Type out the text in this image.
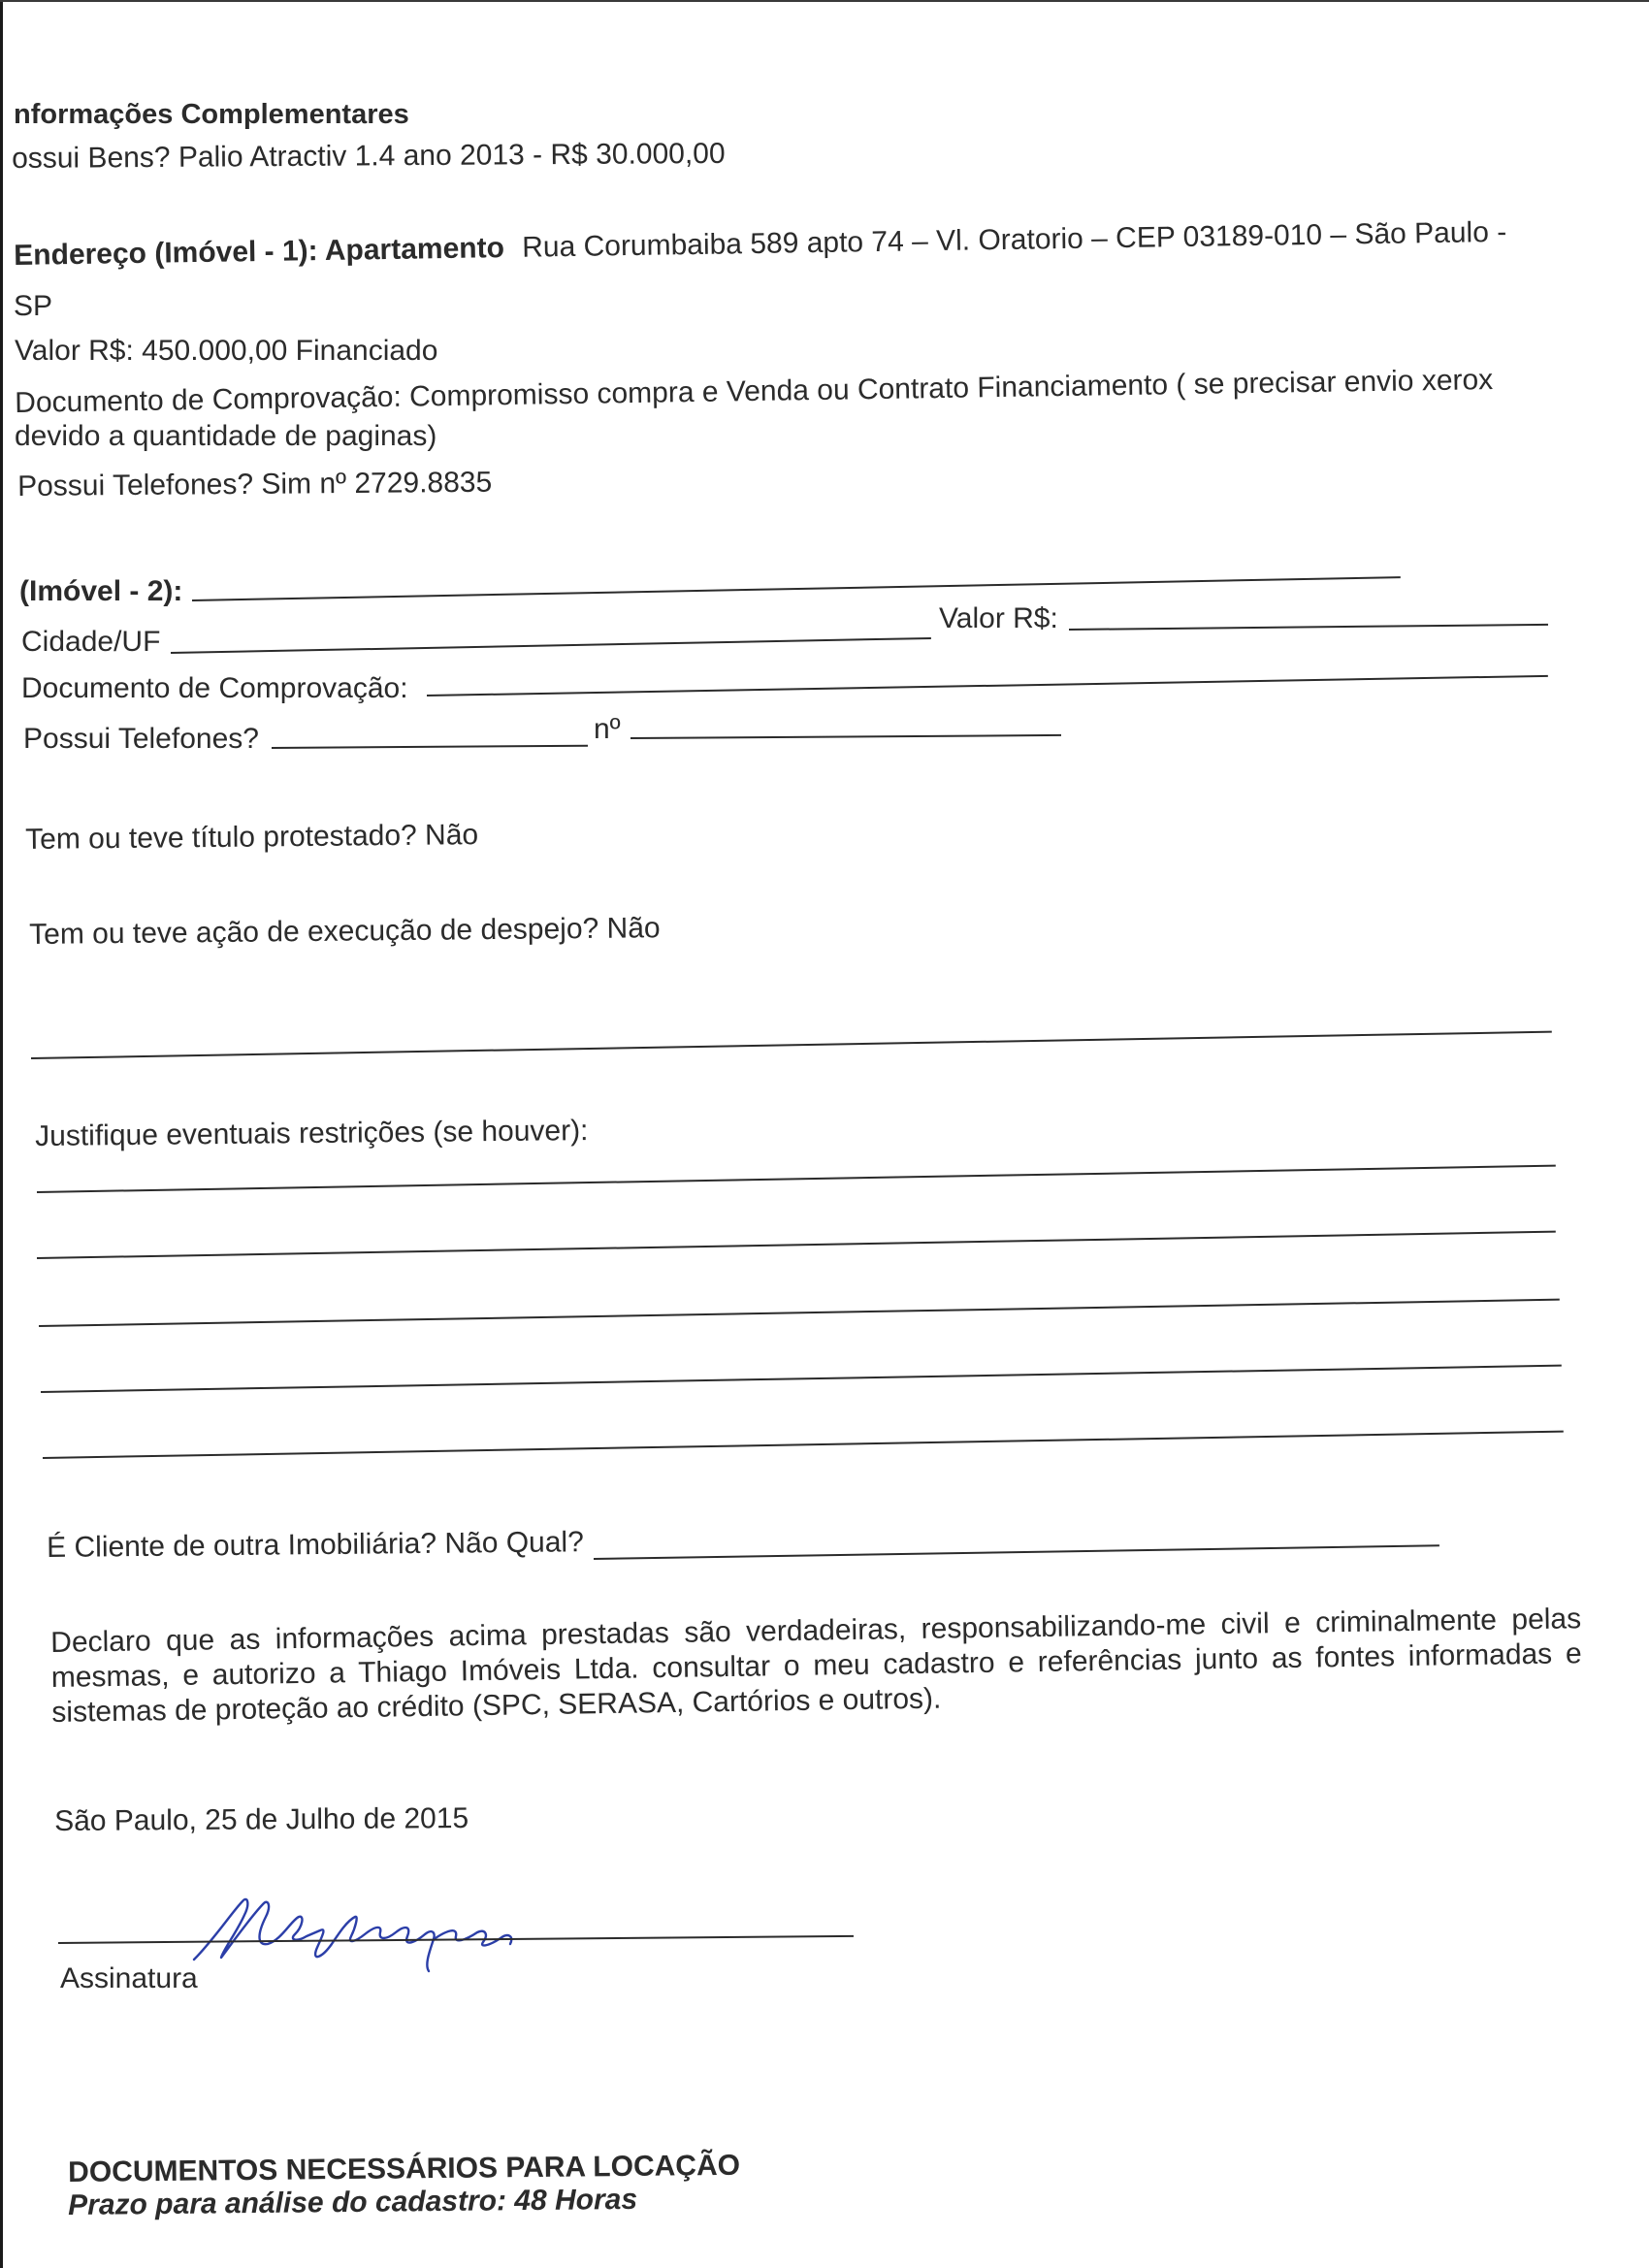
nformações Complementares
ossui Bens? Palio Atractiv 1.4 ano 2013 - R$ 30.000,00
Endereço (Imóvel - 1): Apartamento Rua Corumbaiba 589 apto 74 – Vl. Oratorio – CEP 03189-010 – São Paulo -
SP
Valor R$: 450.000,00 Financiado
Documento de Comprovação: Compromisso compra e Venda ou Contrato Financiamento ( se precisar envio xerox
devido a quantidade de paginas)
Possui Telefones? Sim nº 2729.8835
(Imóvel - 2):
Cidade/UF
Valor R$:
Documento de Comprovação:
Possui Telefones?	nº
Tem ou teve título protestado? Não
Tem ou teve ação de execução de despejo? Não
Justifique eventuais restrições (se houver):
É Cliente de outra Imobiliária? Não Qual?
Declaro que as informações acima prestadas são verdadeiras, responsabilizando-me civil e criminalmente pelas mesmas, e autorizo a Thiago Imóveis Ltda. consultar o meu cadastro e referências junto as fontes informadas e sistemas de proteção ao crédito (SPC, SERASA, Cartórios e outros).
São Paulo, 25 de Julho de 2015
Assinatura
DOCUMENTOS NECESSÁRIOS PARA LOCAÇÃO
Prazo para análise do cadastro: 48 Horas
